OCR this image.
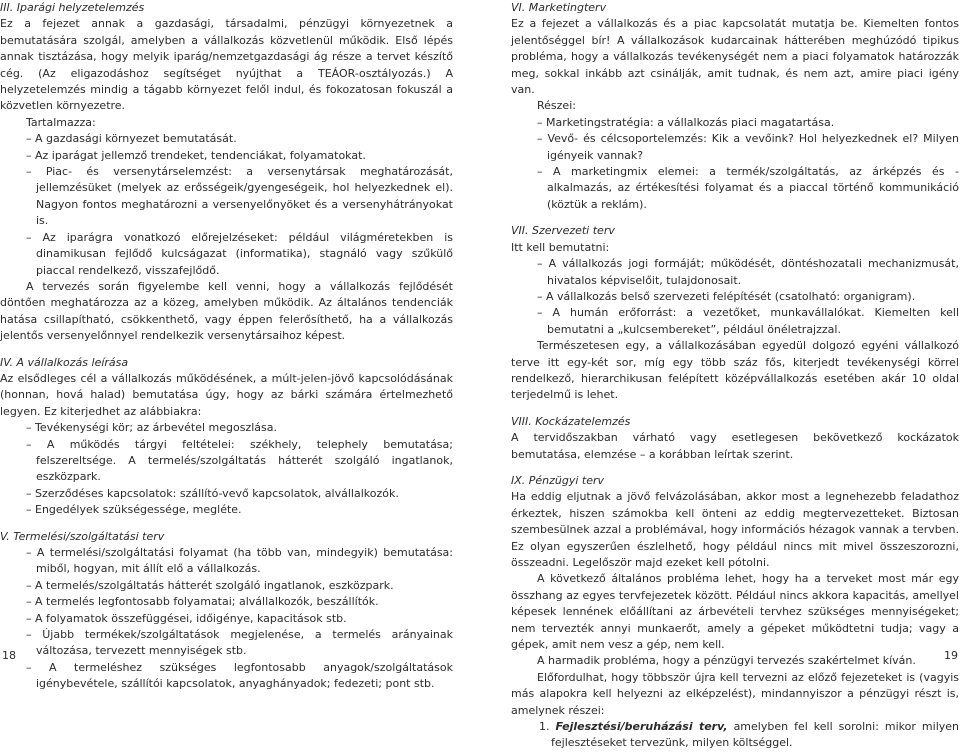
III. Iparági helyzetelemzés

Ez a fejezet annak a gazdasági, társadalmi, pénzügyi környezetnek a bemutatására szolgál, amelyben a vállalkozás közvetlenül működik. Első lépés annak tisztázása, hogy melyik iparág/nemzetgazdasági ág része a tervet készítő cég. (Az eligazodáshoz segítséget nyújthat a TEÁOR-osztályozás.) A helyzetelemzés mindig a tágabb környezet felől indul, és fokozatosan fokuszál a közvetlen környezetre.

Tartalmazza:

– A gazdasági környezet bemutatását.

– Az iparágat jellemző trendeket, tendenciákat, folyamatokat.

– Piac- és versenytárselemzést: a versenytársak meghatározását, jellemzésüket (melyek az erősségeik/gyengeségeik, hol helyezkednek el). Nagyon fontos meghatározni a versenyelőnyöket és a versenyhátrányokat is.

– Az iparágra vonatkozó előrejelzéseket: például világméretekben is dinamikusan fejlődő kulcságazat (informatika), stagnáló vagy szűkülő piaccal rendelkező, visszafejlődő.

A tervezés során figyelembe kell venni, hogy a vállalkozás fejlődését döntően meghatározza az a közeg, amelyben működik. Az általános tendenciák hatása csillapítható, csökkenthető, vagy éppen felerősíthető, ha a vállalkozás jelentős versenyelőnnyel rendelkezik versenytársaihoz képest.

IV. A vállalkozás leírása

Az elsődleges cél a vállalkozás működésének, a múlt-jelen-jövő kapcsolódásának (honnan, hová halad) bemutatása úgy, hogy az bárki számára értelmezhető legyen. Ez kiterjedhet az alábbiakra:

– Tevékenységi kör; az árbevétel megoszlása.

– A működés tárgyi feltételei: székhely, telephely bemutatása; felszereltsége. A termelés/szolgáltatás hátterét szolgáló ingatlanok, eszközpark.

– Szerződéses kapcsolatok: szállító-vevő kapcsolatok, alvállalkozók.

– Engedélyek szükségessége, megléte.

V. Termelési/szolgáltatási terv

– A termelési/szolgáltatási folyamat (ha több van, mindegyik) bemutatása: miből, hogyan, mit állít elő a vállalkozás.

– A termelés/szolgáltatás hátterét szolgáló ingatlanok, eszközpark.

– A termelés legfontosabb folyamatai; alvállalkozók, beszállítók.

– A folyamatok összefüggései, időigénye, kapacitások stb.

– Újabb termékek/szolgáltatások megjelenése, a termelés arányainak változása, tervezett mennyiségek stb.

– A termeléshez szükséges legfontosabb anyagok/szolgáltatások igénybevétele, szállítói kapcsolatok, anyaghányadok; fedezeti; pont stb.

VI. Marketingterv

Ez a fejezet a vállalkozás és a piac kapcsolatát mutatja be. Kiemelten fontos jelentőséggel bír! A vállalkozások kudarcainak hátterében meghúzódó tipikus probléma, hogy a vállalkozás tevékenységét nem a piaci folyamatok határozzák meg, sokkal inkább azt csinálják, amit tudnak, és nem azt, amire piaci igény van.

Részei:

– Marketingstratégia: a vállalkozás piaci magatartása.

– Vevő- és célcsoportelemzés: Kik a vevőink? Hol helyezkednek el? Milyen igényeik vannak?

– A marketingmix elemei: a termék/szolgáltatás, az árképzés és -alkalmazás, az értékesítési folyamat és a piaccal történő kommunikáció (köztük a reklám).

VII. Szervezeti terv

Itt kell bemutatni:

– A vállalkozás jogi formáját; működését, döntéshozatali mechanizmusát, hivatalos képviselőit, tulajdonosait.

– A vállalkozás belső szervezeti felépítését (csatolható: organigram).

– A humán erőforrást: a vezetőket, munkavállalókat. Kiemelten kell bemutatni a „kulcsembereket”, például önéletrajzzal.

Természetesen egy, a vállalkozásában egyedül dolgozó egyéni vállalkozó terve itt egy-két sor, míg egy több száz fős, kiterjedt tevékenységi körrel rendelkező, hierarchikusan felépített középvállalkozás esetében akár 10 oldal terjedelmű is lehet.

VIII. Kockázatelemzés

A tervidőszakban várható vagy esetlegesen bekövetkező kockázatok bemutatása, elemzése – a korábban leírtak szerint.

IX. Pénzügyi terv

Ha eddig eljutnak a jövő felvázolásában, akkor most a legnehezebb feladathoz érkeztek, hiszen számokba kell önteni az eddig megtervezetteket. Biztosan szembesülnek azzal a problémával, hogy információs hézagok vannak a tervben. Ez olyan egyszerűen észlelhető, hogy például nincs mit mivel összeszorozni, összeadni. Legelőször majd ezeket kell pótolni.

A következő általános probléma lehet, hogy ha a terveket most már egy összhang az egyes tervfejezetek között. Például nincs akkora kapacitás, amellyel képesek lennének előállítani az árbevételi tervhez szükséges mennyiségeket; nem tervezték annyi munkaerőt, amely a gépeket működtetni tudja; vagy a gépek, amit nem vesz a gép, nem kell.

A harmadik probléma, hogy a pénzügyi tervezés szakértelmet kíván.

Előfordulhat, hogy többször újra kell tervezni az előző fejezeteket is (vagyis más alapokra kell helyezni az elképzelést), mindannyiszor a pénzügyi részt is, amelynek részei:

1. Fejlesztési/beruházási terv, amelyben fel kell sorolni: mikor milyen fejlesztéseket tervezünk, milyen költséggel.

18	19
